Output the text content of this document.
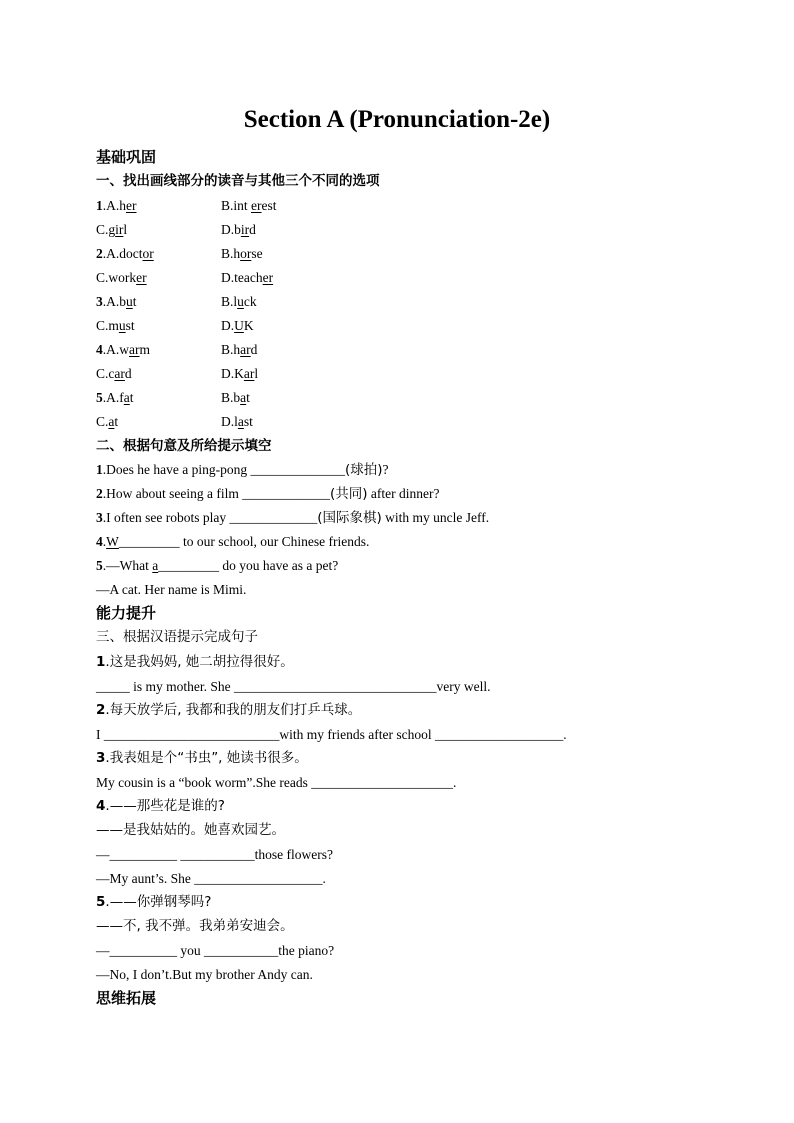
Section A (Pronunciation-2e)
基础巩固
一、找出画线部分的读音与其他三个不同的选项
1.A.her	B.int erest
C.girl	D.bird
2.A.doctor	B.horse
C.worker	D.teacher
3.A.but	B.luck
C.must	D.UK
4.A.warm	B.hard
C.card	D.Karl
5.A.fat	B.bat
C.at	D.last
二、根据句意及所给提示填空
1.Does he have a ping-pong ______________(球拍)?
2.How about seeing a film _____________(共同) after dinner?
3.I often see robots play _____________(国际象棋) with my uncle Jeff.
4.W_________ to our school, our Chinese friends.
5.—What a_________ do you have as a pet?
—A cat. Her name is Mimi.
能力提升
三、根据汉语提示完成句子
1.这是我妈妈, 她二胡拉得很好。
_____ is my mother. She ______________________________very well.
2.每天放学后, 我都和我的朋友们打乒乓球。
I __________________________with my friends after school ___________________.
3.我表姐是个“书虫”, 她读书很多。
My cousin is a “book worm”.She reads _____________________.
4.——那些花是谁的?
——是我姑姑的。她喜欢园艺。
—__________ ___________those flowers?
—My aunt’s. She ___________________.
5.——你弹钢琴吗?
——不, 我不弹。我弟弟安迪会。
—__________ you ___________the piano?
—No, I don’t.But my brother Andy can.
思维拓展
